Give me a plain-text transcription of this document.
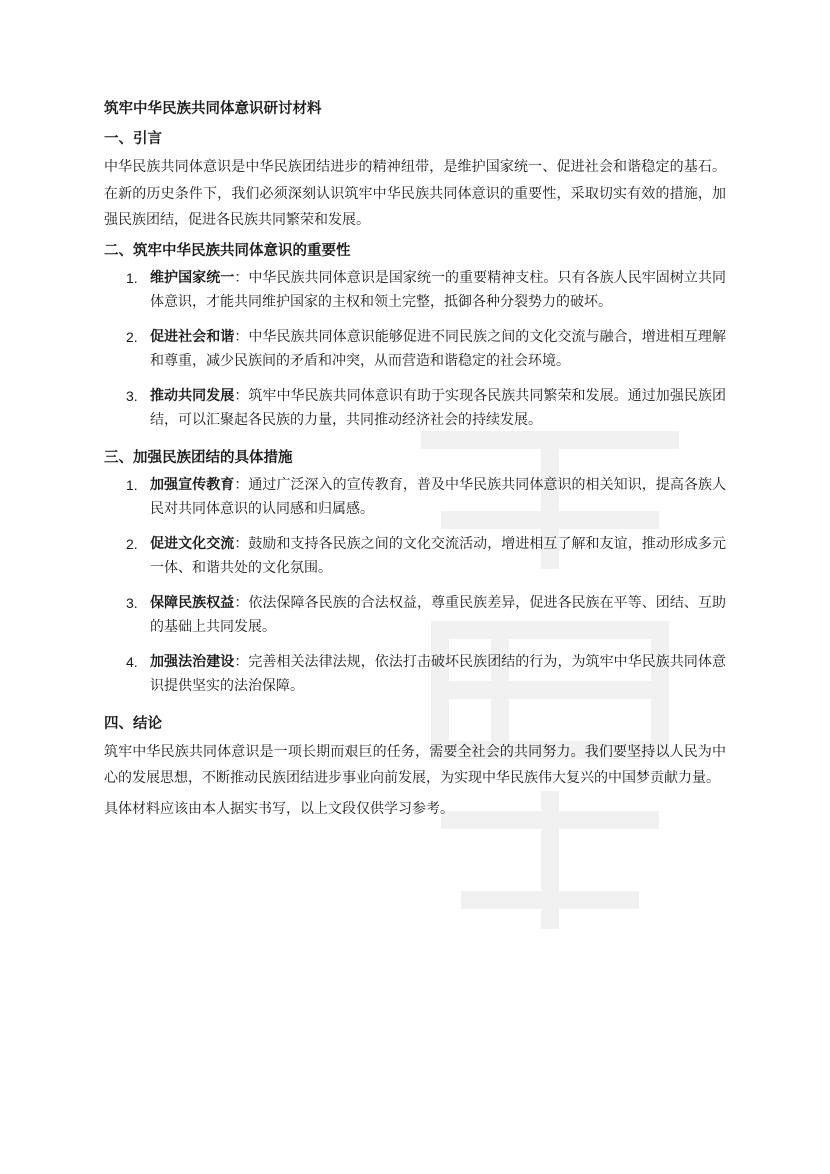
筑牢中华民族共同体意识研讨材料
一、引言

中华民族共同体意识是中华民族团结进步的精神纽带，是维护国家统一、促进社会和谐稳定的基石。在新的历史条件下，我们必须深刻认识筑牢中华民族共同体意识的重要性，采取切实有效的措施，加强民族团结，促进各民族共同繁荣和发展。

二、筑牢中华民族共同体意识的重要性
1. 维护国家统一：中华民族共同体意识是国家统一的重要精神支柱。只有各族人民牢固树立共同体意识，才能共同维护国家的主权和领土完整，抵御各种分裂势力的破坏。
2. 促进社会和谐：中华民族共同体意识能够促进不同民族之间的文化交流与融合，增进相互理解和尊重，减少民族间的矛盾和冲突，从而营造和谐稳定的社会环境。
3. 推动共同发展：筑牢中华民族共同体意识有助于实现各民族共同繁荣和发展。通过加强民族团结，可以汇聚起各民族的力量，共同推动经济社会的持续发展。
三、加强民族团结的具体措施
1. 加强宣传教育：通过广泛深入的宣传教育，普及中华民族共同体意识的相关知识，提高各族人民对共同体意识的认同感和归属感。
2. 促进文化交流：鼓励和支持各民族之间的文化交流活动，增进相互了解和友谊，推动形成多元一体、和谐共处的文化氛围。
3. 保障民族权益：依法保障各民族的合法权益，尊重民族差异，促进各民族在平等、团结、互助的基础上共同发展。
4. 加强法治建设：完善相关法律法规，依法打击破坏民族团结的行为，为筑牢中华民族共同体意识提供坚实的法治保障。
四、结论

筑牢中华民族共同体意识是一项长期而艰巨的任务，需要全社会的共同努力。我们要坚持以人民为中心的发展思想，不断推动民族团结进步事业向前发展，为实现中华民族伟大复兴的中国梦贡献力量。

具体材料应该由本人据实书写，以上文段仅供学习参考。
